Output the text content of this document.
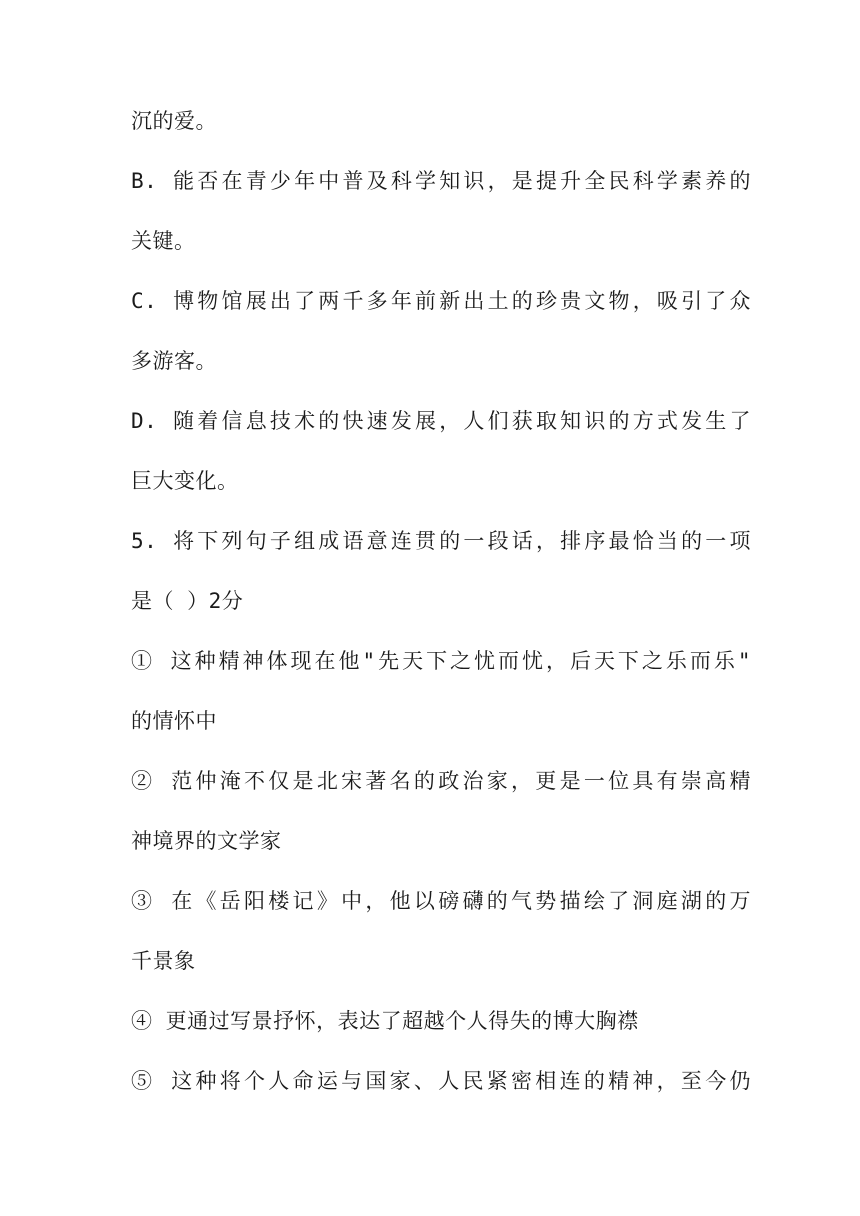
沉的爱。
B. 能否在青少年中普及科学知识，是提升全民科学素养的
关键。
C. 博物馆展出了两千多年前新出土的珍贵文物，吸引了众
多游客。
D. 随着信息技术的快速发展，人们获取知识的方式发生了
巨大变化。
5. 将下列句子组成语意连贯的一段话，排序最恰当的一项
是（ ）2分
① 这种精神体现在他"先天下之忧而忧，后天下之乐而乐"
的情怀中
② 范仲淹不仅是北宋著名的政治家，更是一位具有崇高精
神境界的文学家
③ 在《岳阳楼记》中，他以磅礴的气势描绘了洞庭湖的万
千景象
④ 更通过写景抒怀，表达了超越个人得失的博大胸襟
⑤ 这种将个人命运与国家、人民紧密相连的精神，至今仍
